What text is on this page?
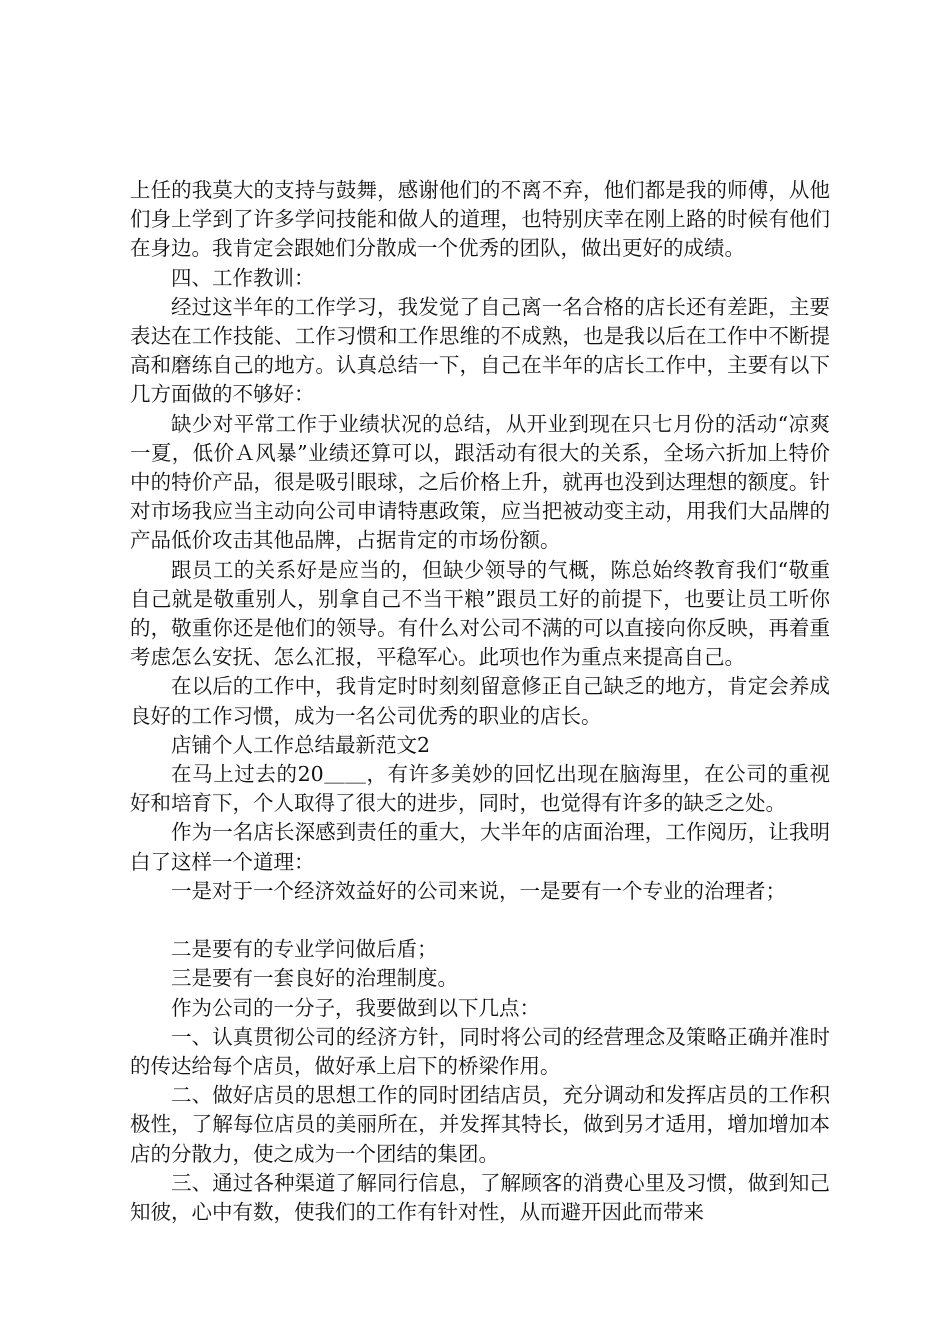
上任的我莫大的支持与鼓舞，感谢他们的不离不弃，他们都是我的师傅，从他们身上学到了许多学问技能和做人的道理，也特别庆幸在刚上路的时候有他们在身边。我肯定会跟她们分散成一个优秀的团队，做出更好的成绩。

四、工作教训：

经过这半年的工作学习，我发觉了自己离一名合格的店长还有差距，主要表达在工作技能、工作习惯和工作思维的不成熟，也是我以后在工作中不断提高和磨练自己的地方。认真总结一下，自己在半年的店长工作中，主要有以下几方面做的不够好：

缺少对平常工作于业绩状况的总结，从开业到现在只七月份的活动“凉爽一夏，低价Ａ风暴”业绩还算可以，跟活动有很大的关系，全场六折加上特价中的特价产品，很是吸引眼球，之后价格上升，就再也没到达理想的额度。针对市场我应当主动向公司申请特惠政策，应当把被动变主动，用我们大品牌的产品低价攻击其他品牌，占据肯定的市场份额。

跟员工的关系好是应当的，但缺少领导的气概，陈总始终教育我们“敬重自己就是敬重别人，别拿自己不当干粮”跟员工好的前提下，也要让员工听你的，敬重你还是他们的领导。有什么对公司不满的可以直接向你反映，再着重考虑怎么安抚、怎么汇报，平稳军心。此项也作为重点来提高自己。

在以后的工作中，我肯定时时刻刻留意修正自己缺乏的地方，肯定会养成良好的工作习惯，成为一名公司优秀的职业的店长。

店铺个人工作总结最新范文2

在马上过去的20＿＿，有许多美妙的回忆出现在脑海里，在公司的重视好和培育下，个人取得了很大的进步，同时，也觉得有许多的缺乏之处。

作为一名店长深感到责任的重大，大半年的店面治理，工作阅历，让我明白了这样一个道理：

一是对于一个经济效益好的公司来说，一是要有一个专业的治理者；

二是要有的专业学问做后盾；

三是要有一套良好的治理制度。

作为公司的一分子，我要做到以下几点：

一、认真贯彻公司的经济方针，同时将公司的经营理念及策略正确并准时的传达给每个店员，做好承上启下的桥梁作用。

二、做好店员的思想工作的同时团结店员，充分调动和发挥店员的工作积极性，了解每位店员的美丽所在，并发挥其特长，做到另才适用，增加增加本店的分散力，使之成为一个团结的集团。

三、通过各种渠道了解同行信息，了解顾客的消费心里及习惯，做到知己知彼，心中有数，使我们的工作有针对性，从而避开因此而带来
